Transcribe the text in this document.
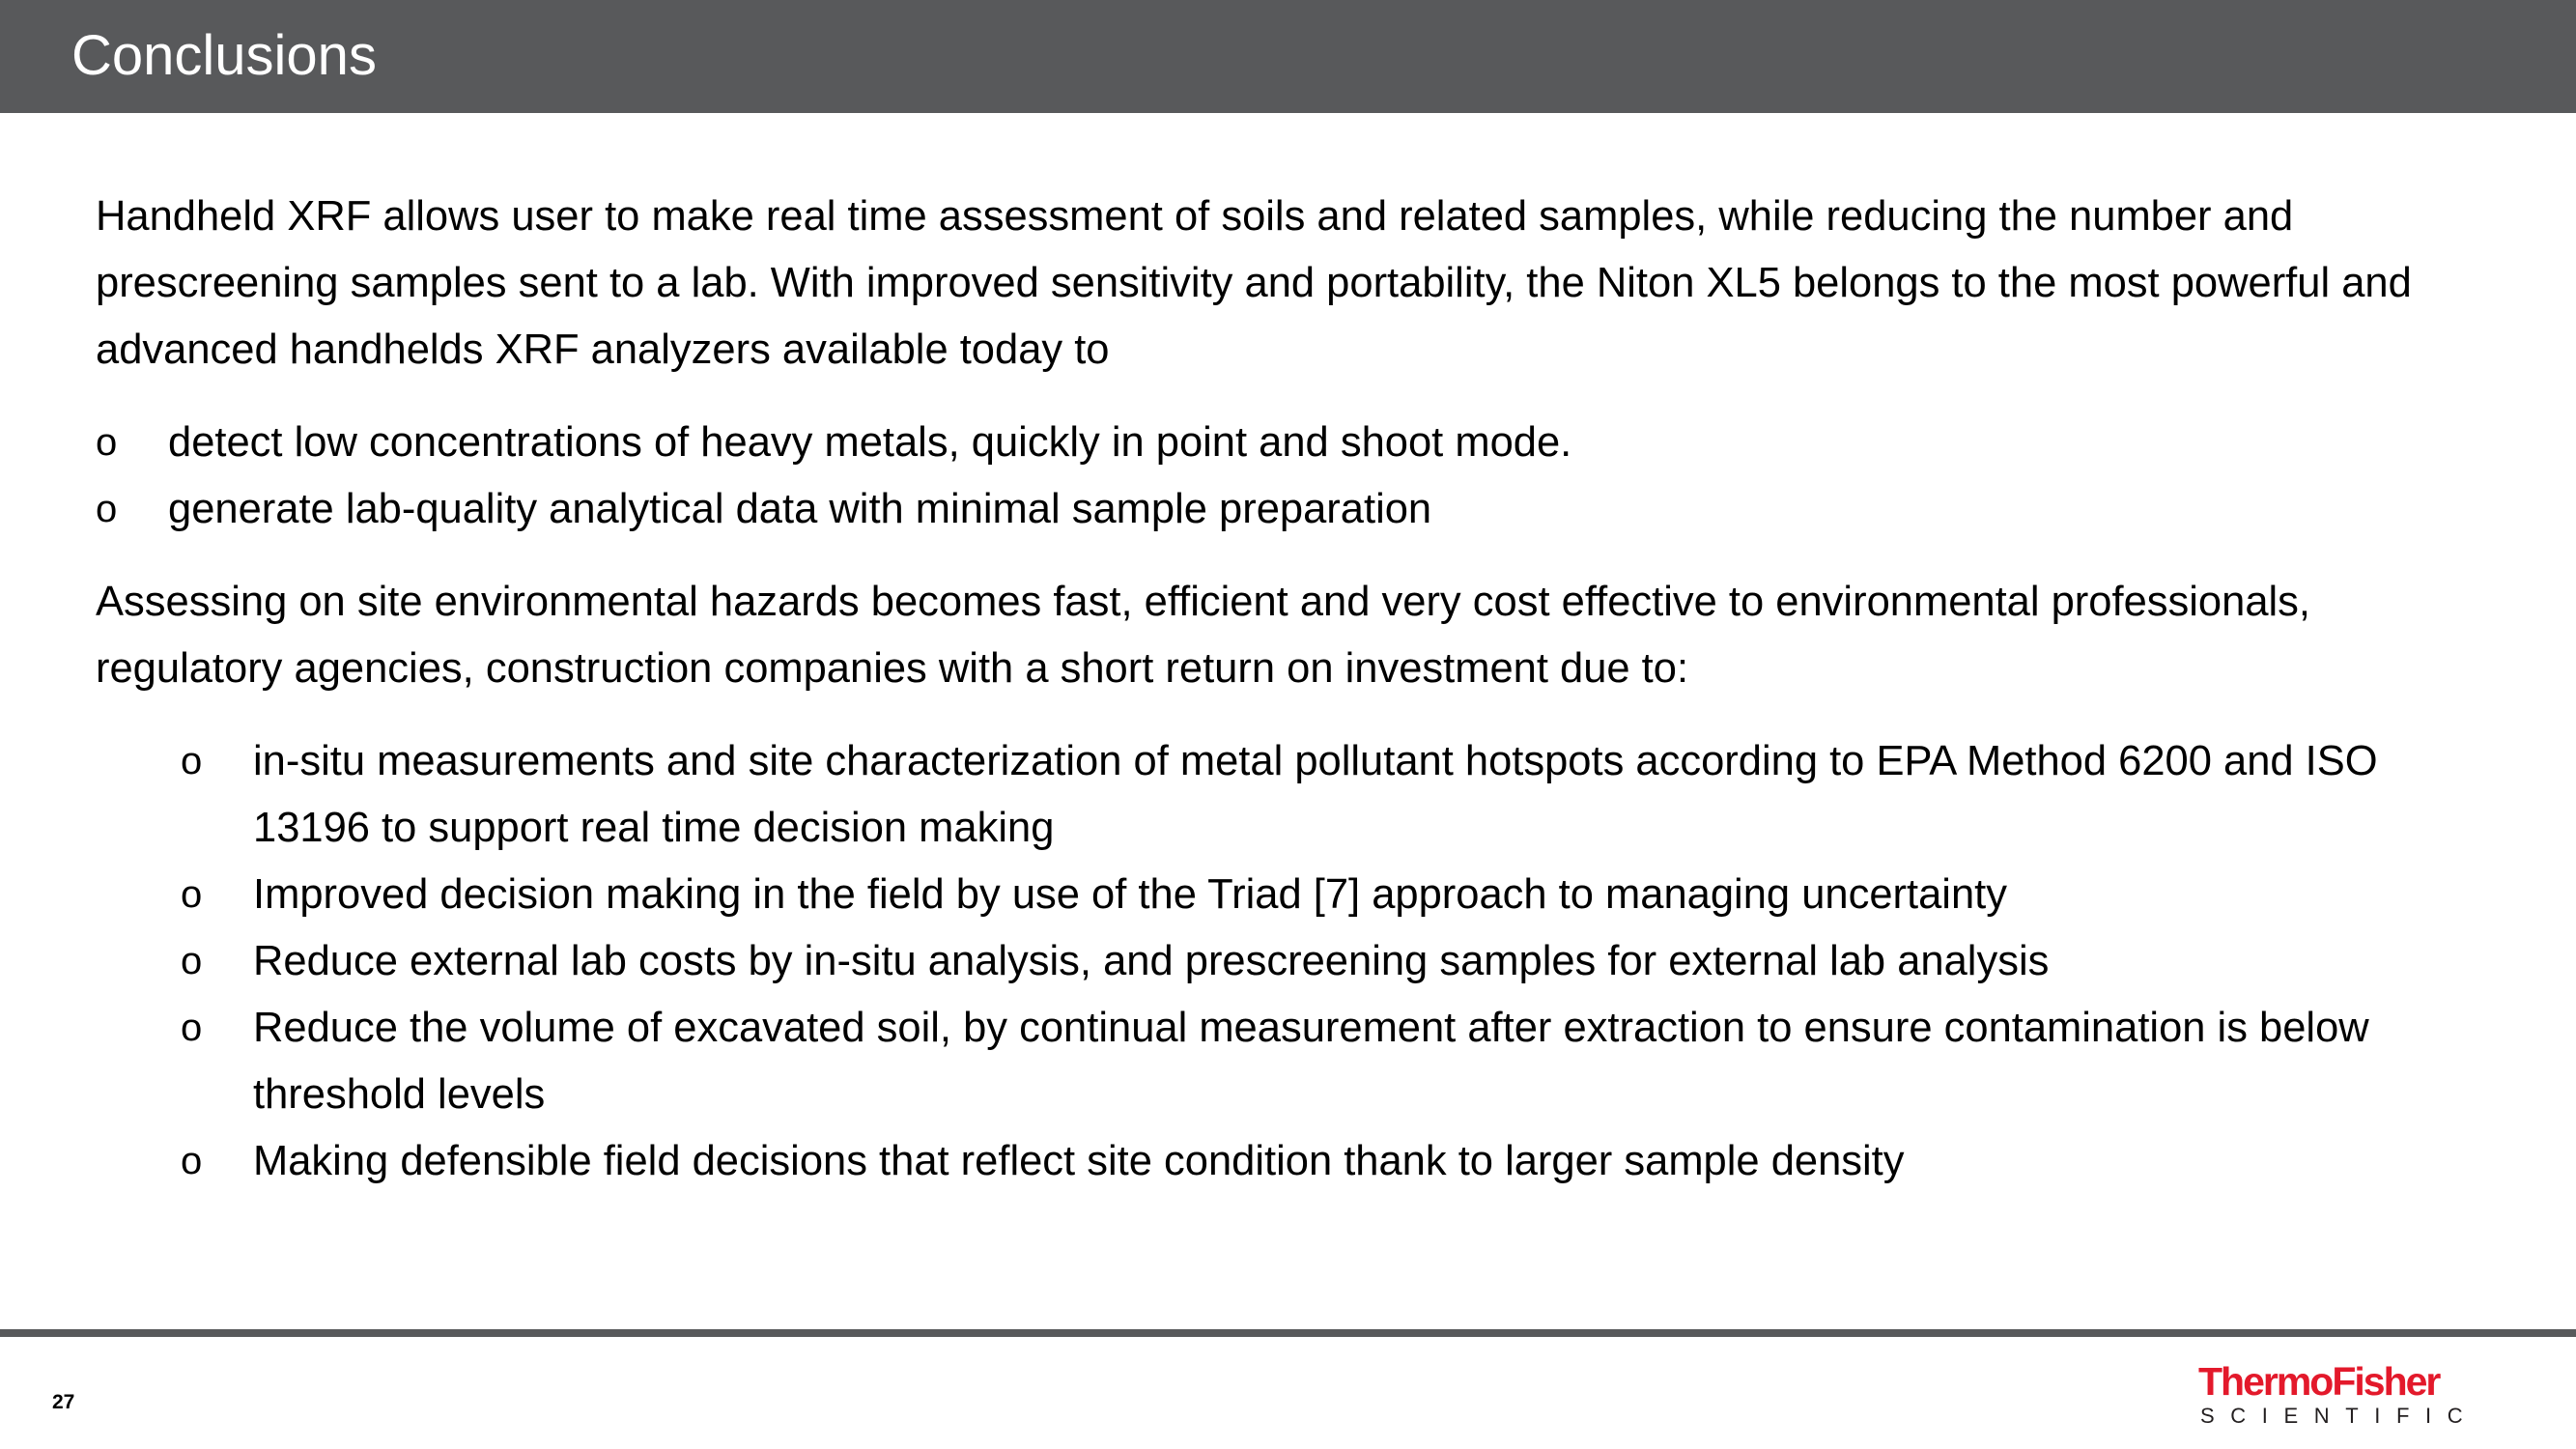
Conclusions

Handheld XRF allows user to make real time assessment of soils and related samples, while reducing the number and prescreening samples sent to a lab. With improved sensitivity and portability, the Niton XL5 belongs to the most powerful and advanced handhelds XRF analyzers available today to

o detect low concentrations of heavy metals, quickly in point and shoot mode.

o generate lab-quality analytical data with minimal sample preparation

Assessing on site environmental hazards becomes fast, efficient and very cost effective to environmental professionals, regulatory agencies, construction companies with a short return on investment due to:

o in-situ measurements and site characterization of metal pollutant hotspots according to EPA Method 6200 and ISO 13196 to support real time decision making

o Improved decision making in the field by use of the Triad [7] approach to managing uncertainty

o Reduce external lab costs by in-situ analysis, and prescreening samples for external lab analysis

o Reduce the volume of excavated soil, by continual measurement after extraction to ensure contamination is below threshold levels

o Making defensible field decisions that reflect site condition thank to larger sample density

27	ThermoFisher
SCIENTIFIC
